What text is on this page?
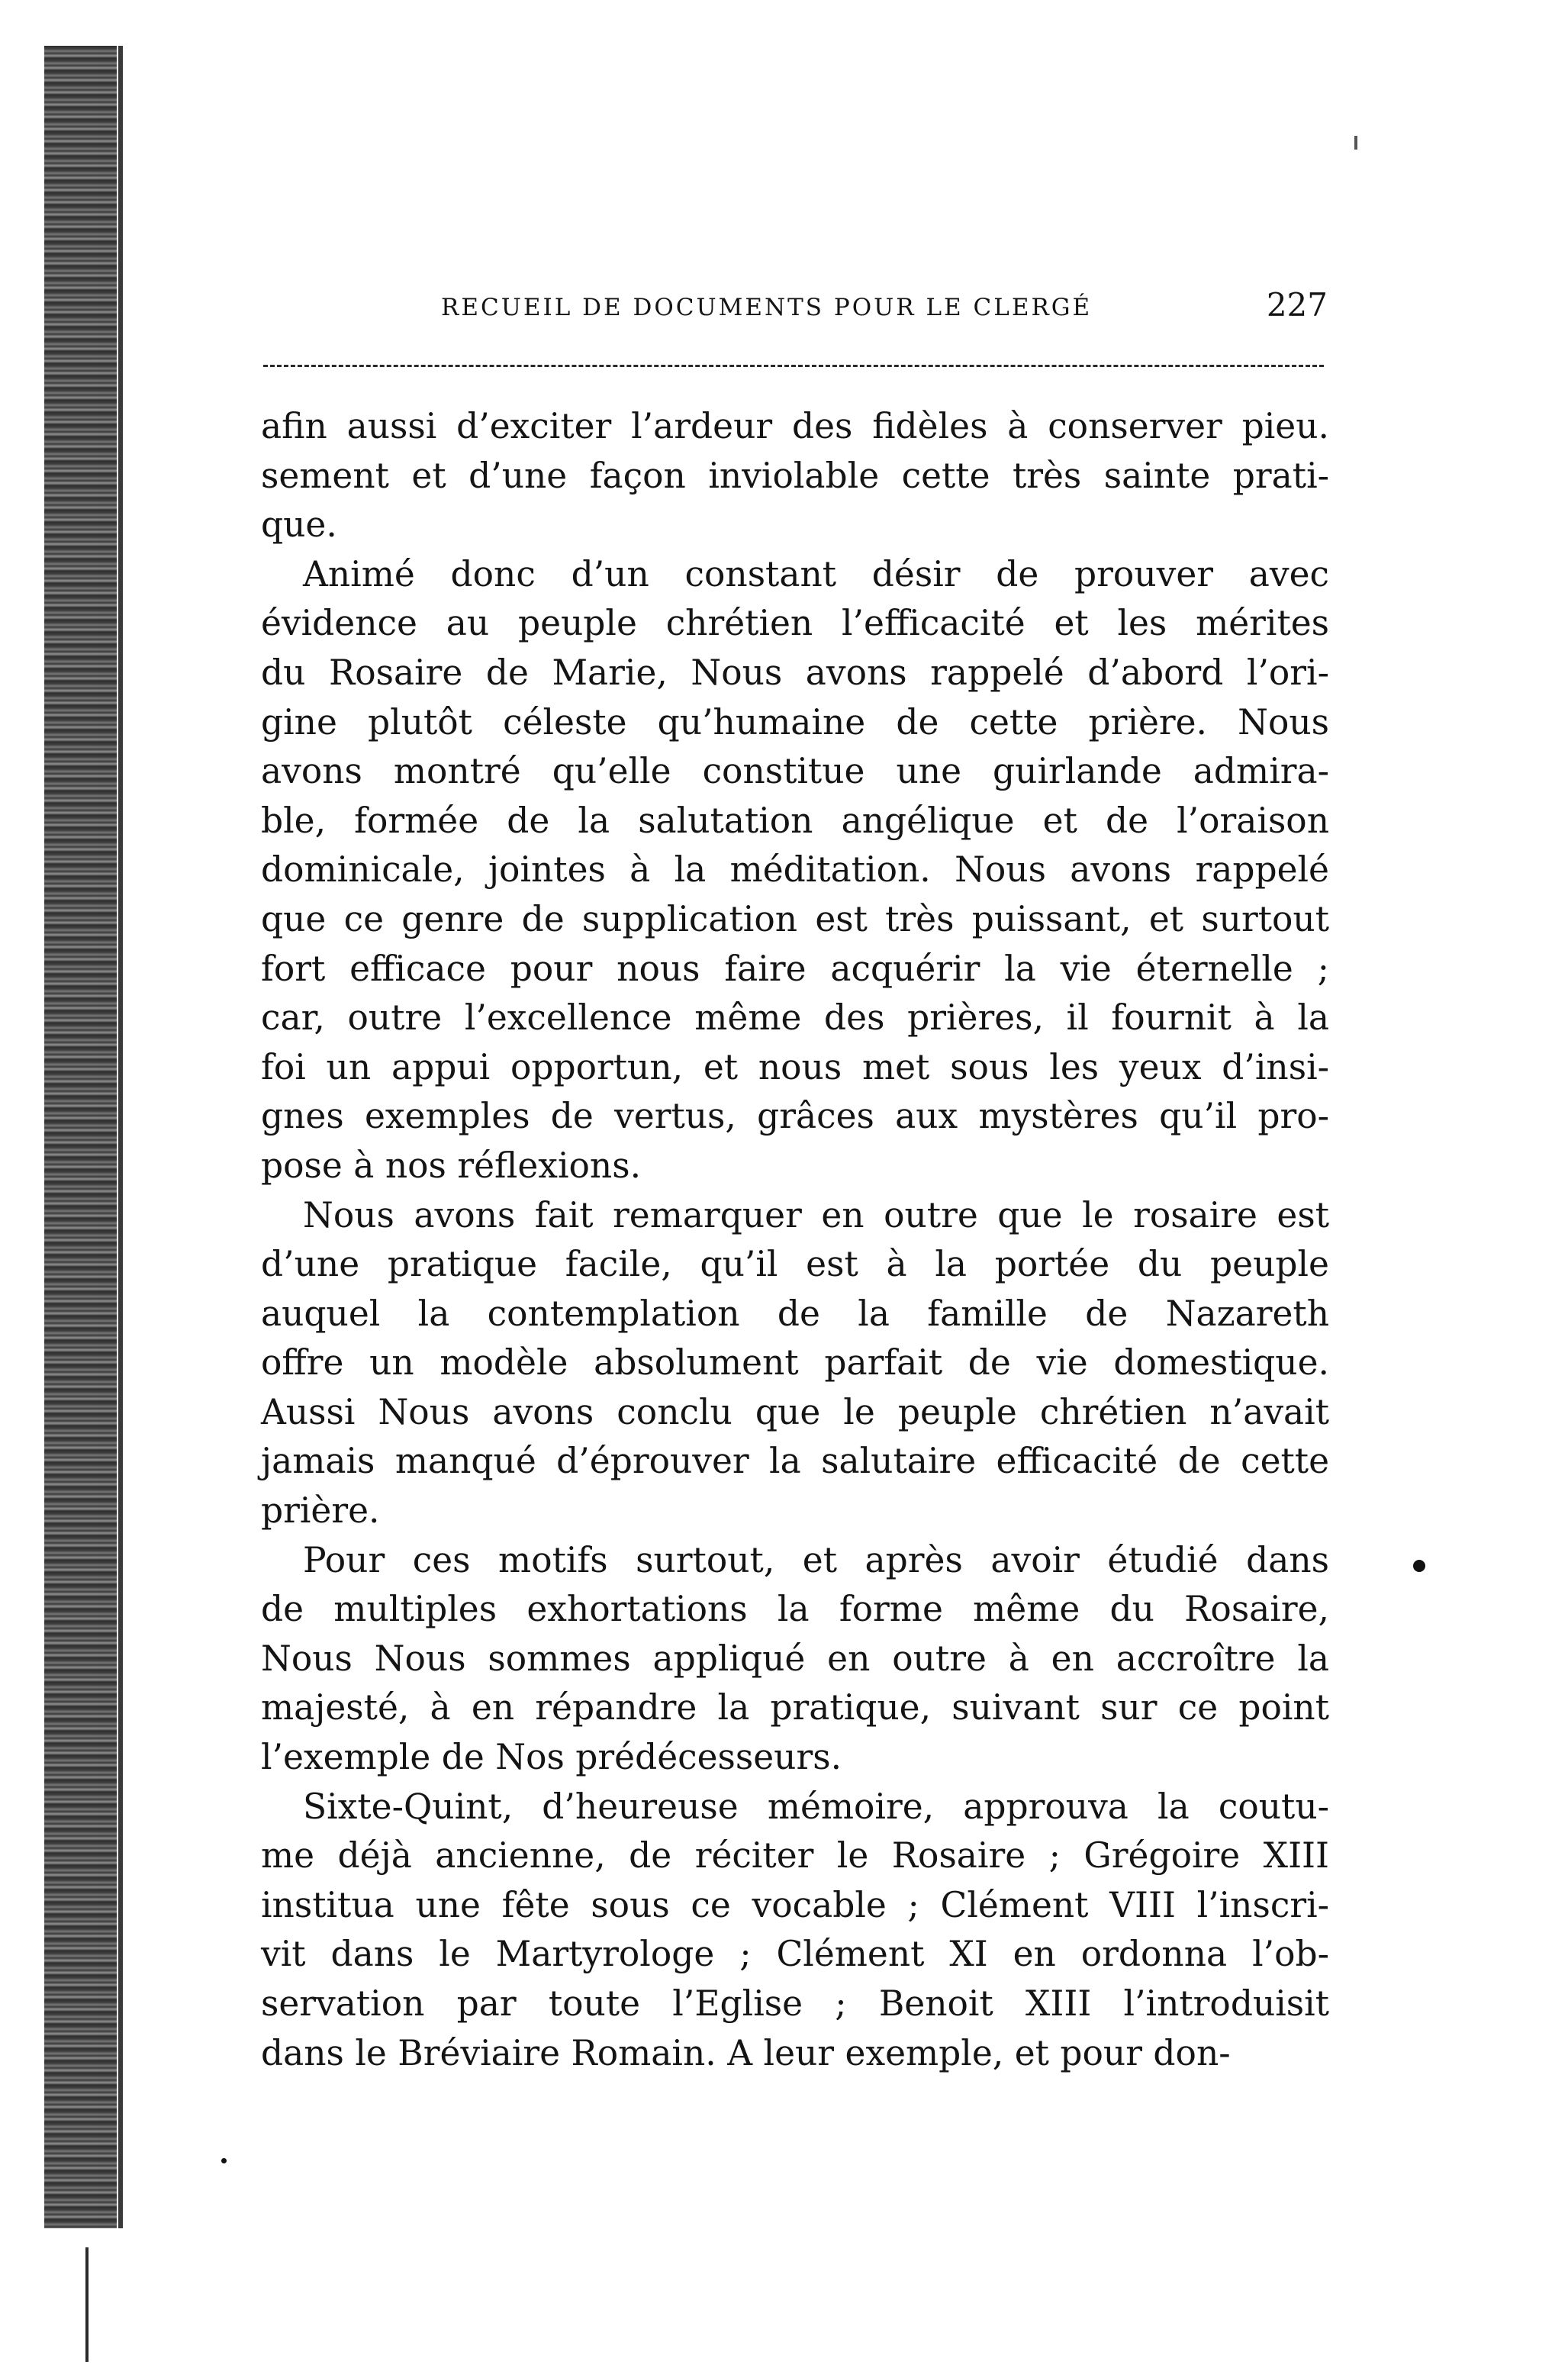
RECUEIL DE DOCUMENTS POUR LE CLERGÉ	227
afin aussi d’exciter l’ardeur des fidèles à conserver pieu.
sement et d’une façon inviolable cette très sainte prati-
que.
Animé donc d’un constant désir de prouver avec
évidence au peuple chrétien l’efficacité et les mérites
du Rosaire de Marie, Nous avons rappelé d’abord l’ori-
gine plutôt céleste qu’humaine de cette prière. Nous
avons montré qu’elle constitue une guirlande admira-
ble, formée de la salutation angélique et de l’oraison
dominicale, jointes à la méditation. Nous avons rappelé
que ce genre de supplication est très puissant, et surtout
fort efficace pour nous faire acquérir la vie éternelle ;
car, outre l’excellence même des prières, il fournit à la
foi un appui opportun, et nous met sous les yeux d’insi-
gnes exemples de vertus, grâces aux mystères qu’il pro-
pose à nos réflexions.
Nous avons fait remarquer en outre que le rosaire est
d’une pratique facile, qu’il est à la portée du peuple
auquel la contemplation de la famille de Nazareth
offre un modèle absolument parfait de vie domestique.
Aussi Nous avons conclu que le peuple chrétien n’avait
jamais manqué d’éprouver la salutaire efficacité de cette
prière.
Pour ces motifs surtout, et après avoir étudié dans
de multiples exhortations la forme même du Rosaire,
Nous Nous sommes appliqué en outre à en accroître la
majesté, à en répandre la pratique, suivant sur ce point
l’exemple de Nos prédécesseurs.
Sixte-Quint, d’heureuse mémoire, approuva la coutu-
me déjà ancienne, de réciter le Rosaire ; Grégoire XIII
institua une fête sous ce vocable ; Clément VIII l’inscri-
vit dans le Martyrologe ; Clément XI en ordonna l’ob-
servation par toute l’Eglise ; Benoit XIII l’introduisit
dans le Bréviaire Romain. A leur exemple, et pour don-
